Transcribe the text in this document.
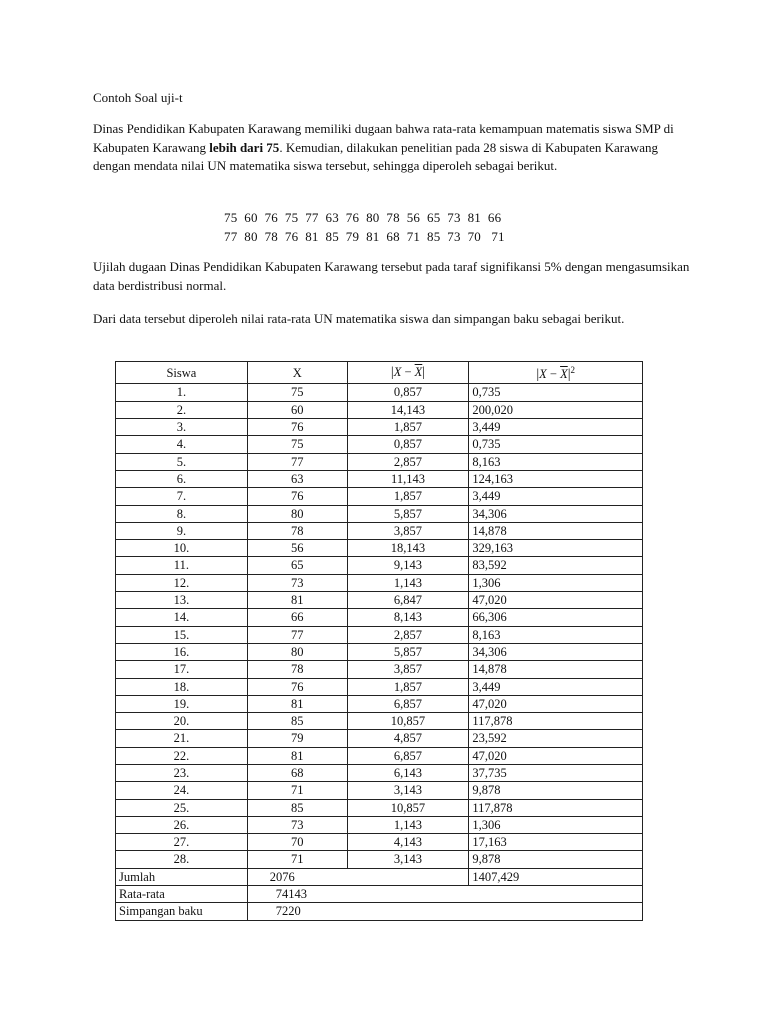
Contoh Soal uji-t

Dinas Pendidikan Kabupaten Karawang memiliki dugaan bahwa rata-rata kemampuan matematis siswa SMP di Kabupaten Karawang lebih dari 75. Kemudian, dilakukan penelitian pada 28 siswa di Kabupaten Karawang dengan mendata nilai UN matematika siswa tersebut, sehingga diperoleh sebagai berikut.

75  60  76  75  77  63  76  80  78  56  65  73  81  66
77  80  78  76  81  85  79  81  68  71  85  73  70   71

Ujilah dugaan Dinas Pendidikan Kabupaten Karawang tersebut pada taraf signifikansi 5% dengan mengasumsikan data berdistribusi normal.

Dari data tersebut diperoleh nilai rata-rata UN matematika siswa dan simpangan baku sebagai berikut.

Siswa	X	$|X - \overline{X}|$	$|X - \overline{X}|^2$
1.	75	0,857	0,735
2.	60	14,143	200,020
3.	76	1,857	3,449
4.	75	0,857	0,735
5.	77	2,857	8,163
6.	63	11,143	124,163
7.	76	1,857	3,449
8.	80	5,857	34,306
9.	78	3,857	14,878
10.	56	18,143	329,163
11.	65	9,143	83,592
12.	73	1,143	1,306
13.	81	6,847	47,020
14.	66	8,143	66,306
15.	77	2,857	8,163
16.	80	5,857	34,306
17.	78	3,857	14,878
18.	76	1,857	3,449
19.	81	6,857	47,020
20.	85	10,857	117,878
21.	79	4,857	23,592
22.	81	6,857	47,020
23.	68	6,143	37,735
24.	71	3,143	9,878
25.	85	10,857	117,878
26.	73	1,143	1,306
27.	70	4,143	17,163
28.	71	3,143	9,878
Jumlah	2076		1407,429
Rata-rata	74143		
Simpangan baku	7220		
